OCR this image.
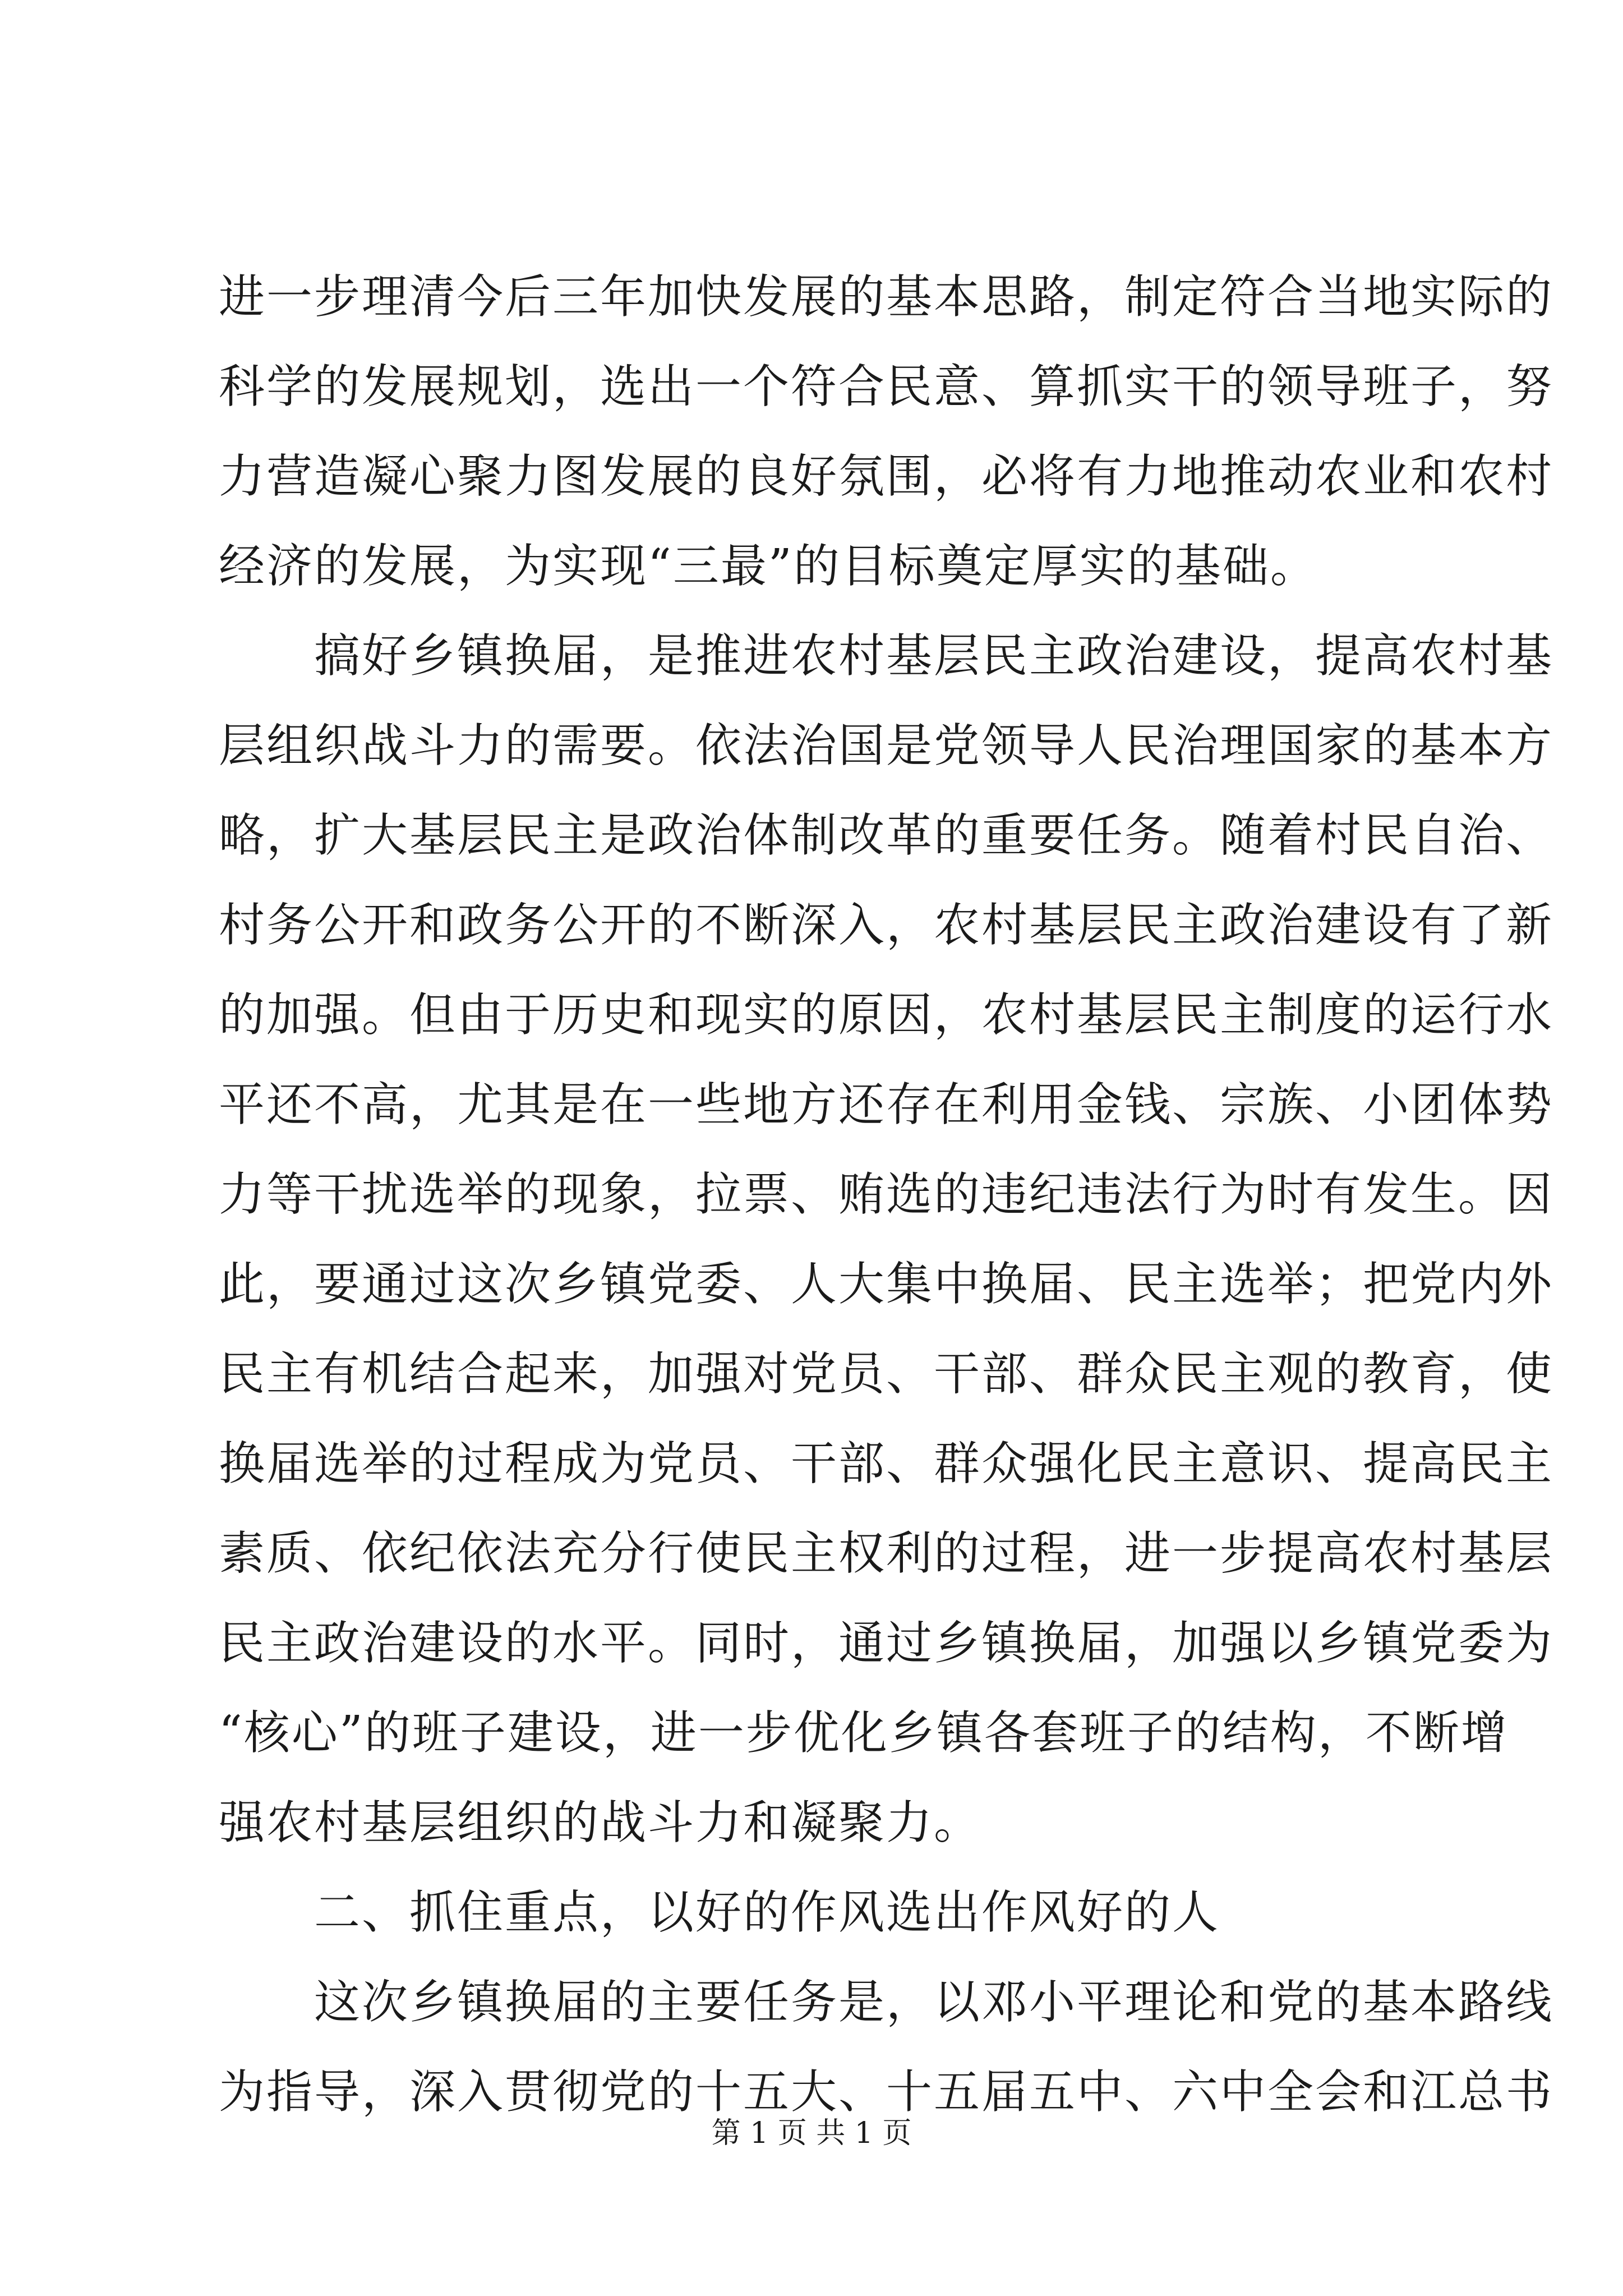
进一步理清今后三年加快发展的基本思路，制定符合当地实际的
科学的发展规划，选出一个符合民意、算抓实干的领导班子，努
力营造凝心聚力图发展的良好氛围，必将有力地推动农业和农村
经济的发展，为实现“三最”的目标奠定厚实的基础。
　　搞好乡镇换届，是推进农村基层民主政治建设，提高农村基
层组织战斗力的需要。依法治国是党领导人民治理国家的基本方
略，扩大基层民主是政治体制改革的重要任务。随着村民自治、
村务公开和政务公开的不断深入，农村基层民主政治建设有了新
的加强。但由于历史和现实的原因，农村基层民主制度的运行水
平还不高，尤其是在一些地方还存在利用金钱、宗族、小团体势
力等干扰选举的现象，拉票、贿选的违纪违法行为时有发生。因
此，要通过这次乡镇党委、人大集中换届、民主选举；把党内外
民主有机结合起来，加强对党员、干部、群众民主观的教育，使
换届选举的过程成为党员、干部、群众强化民主意识、提高民主
素质、依纪依法充分行使民主权利的过程，进一步提高农村基层
民主政治建设的水平。同时，通过乡镇换届，加强以乡镇党委为
“核心”的班子建设，进一步优化乡镇各套班子的结构，不断增
强农村基层组织的战斗力和凝聚力。
　　二、抓住重点，以好的作风选出作风好的人
　　这次乡镇换届的主要任务是，以邓小平理论和党的基本路线
为指导，深入贯彻党的十五大、十五届五中、六中全会和江总书
第 1 页 共 1 页
